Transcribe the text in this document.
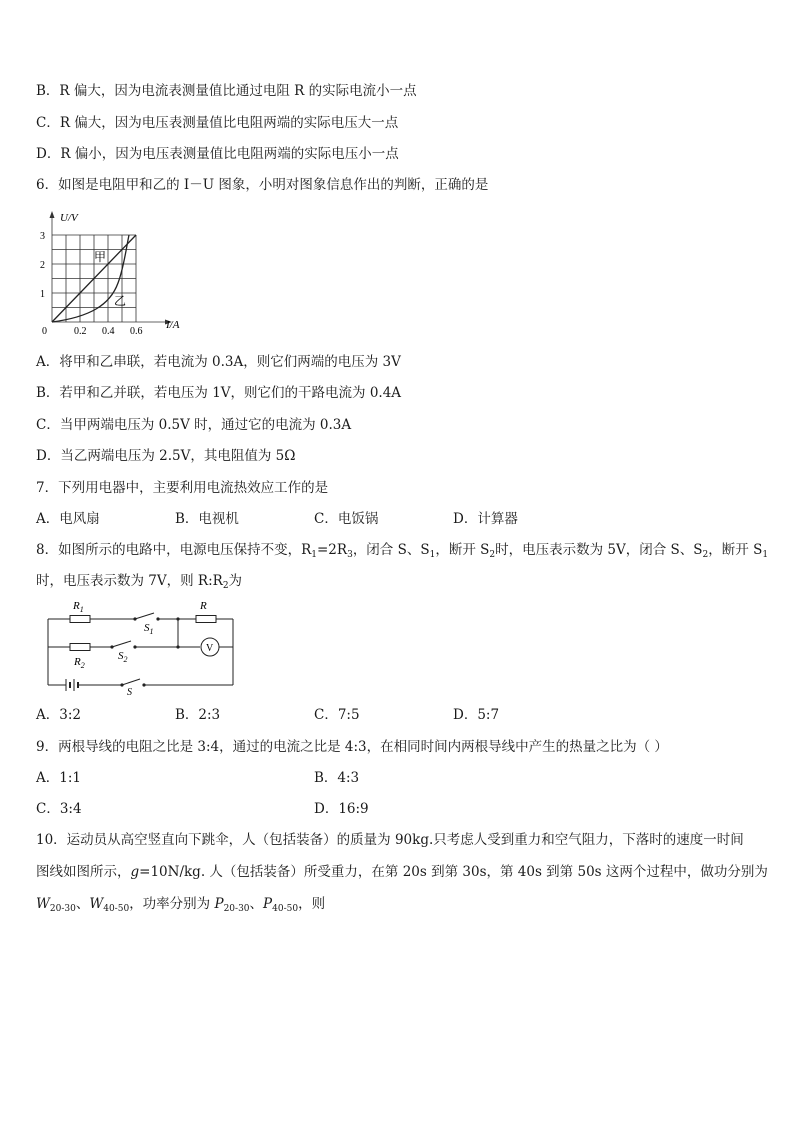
B．R 偏大，因为电流表测量值比通过电阻 R 的实际电流小一点
C．R 偏大，因为电压表测量值比电阻两端的实际电压大一点
D．R 偏小，因为电压表测量值比电阻两端的实际电压小一点
6．如图是电阻甲和乙的 I－U 图象，小明对图象信息作出的判断，正确的是
U/V
I/A
1
2
3
0	0.2 0.4 0.6
甲
乙
A．将甲和乙串联，若电流为 0.3A，则它们两端的电压为 3V
B．若甲和乙并联，若电压为 1V，则它们的干路电流为 0.4A
C．当甲两端电压为 0.5V 时，通过它的电流为 0.3A
D．当乙两端电压为 2.5V，其电阻值为 5Ω
7．下列用电器中，主要利用电流热效应工作的是
A．电风扇	B．电视机	C．电饭锅	D．计算器
8．如图所示的电路中，电源电压保持不变，$R_1=2R_3$，闭合 S、$S_1$，断开 $S_2$时，电压表示数为 5V，闭合 S、$S_2$，断开 $S_1$
时，电压表示数为 7V，则 $R:R_2$为
$R_1$	R
$S_1$
$R_2$
$S_2$
S
V
A．3:2	B．2:3	C．7:5	D．5:7
9．两根导线的电阻之比是 3:4，通过的电流之比是 4:3，在相同时间内两根导线中产生的热量之比为（ ）
A．1:1	B．4:3
C．3:4	D．16:9
10．运动员从高空竖直向下跳伞，人（包括装备）的质量为 90kg.只考虑人受到重力和空气阻力，下落时的速度一时间
图线如图所示，g=10N/kg. 人（包括装备）所受重力，在第 20s 到第 30s，第 40s 到第 50s 这两个过程中，做功分别为
$W_{20-30}$、$W_{40-50}$，功率分别为 $P_{20-30}$、$P_{40-50}$，则
